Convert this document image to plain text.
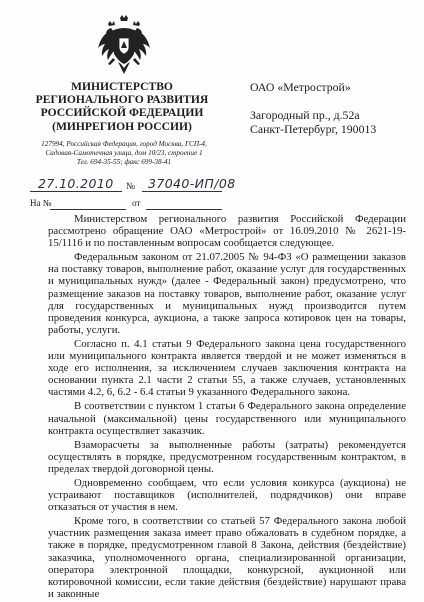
МИНИСТЕРСТВО
РЕГИОНАЛЬНОГО РАЗВИТИЯ
РОССИЙСКОЙ ФЕДЕРАЦИИ
(МИНРЕГИОН РОССИИ)
ОАО «Метрострой»
Загородный пр., д.52а
Санкт-Петербург, 190013
127994, Российская Федерация, город Москва, ГСП-4,
Садовая-Самотечная улица, дом 10/23, строение 1
Тел. 694-35-55; факс 699-38-41
27.10.2010 № 37040-ИП/08
На №	от

Министерством регионального развития Российской Федерации рассмотрено обращение ОАО «Метрострой» от 16.09.2010 № 2621-19-15/1116 и по поставленным вопросам сообщается следующее.

Федеральным законом от 21.07.2005 № 94-ФЗ «О размещении заказов на поставку товаров, выполнение работ, оказание услуг для государственных и муниципальных нужд» (далее - Федеральный закон) предусмотрено, что размещение заказов на поставку товаров, выполнение работ, оказание услуг для государственных и муниципальных нужд производится путем проведения конкурса, аукциона, а также запроса котировок цен на товары, работы, услуги.

Согласно п. 4.1 статьи 9 Федерального закона цена государственного или муниципального контракта является твердой и не может изменяться в ходе его исполнения, за исключением случаев заключения контракта на основании пункта 2.1 части 2 статьи 55, а также случаев, установленных частями 4.2, 6, 6.2 - 6.4 статьи 9 указанного Федерального закона.

В соответствии с пунктом 1 статьи 6 Федерального закона определение начальной (максимальной) цены государственного или муниципального контракта осуществляет заказчик.

Взаморасчеты за выполненные работы (затраты) рекомендуется осуществлять в порядке, предусмотренном государственным контрактом, в пределах твердой договорной цены.

Одновременно сообщаем, что если условия конкурса (аукциона) не устраивают поставщиков (исполнителей, подрядчиков) они вправе отказаться от участия в нем.

Кроме того, в соответствии со статьей 57 Федерального закона любой участник размещения заказа имеет право обжаловать в судебном порядке, а также в порядке, предусмотренном главой 8 Закона, действия (бездействие) заказчика, уполномоченного органа, специализированной организации, оператора электронной площадки, конкурсной, аукционной или котировочной комиссии, если такие действия (бездействие) нарушают права и законные
